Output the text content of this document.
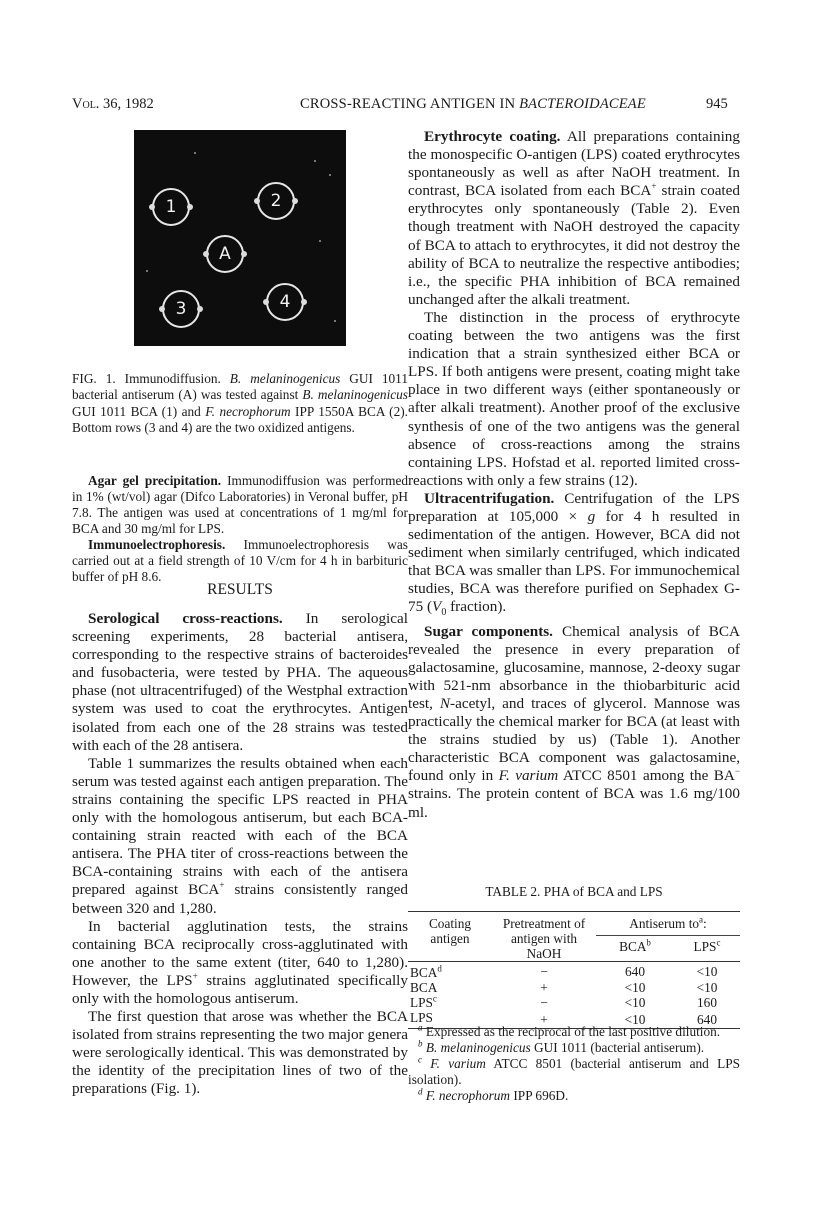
Vol. 36, 1982	CROSS-REACTING ANTIGEN IN BACTEROIDACEAE	945
1	2
A
3	4
FIG. 1. Immunodiffusion. B. melaninogenicus GUI 1011 bacterial antiserum (A) was tested against B. melaninogenicus GUI 1011 BCA (1) and F. necrophorum IPP 1550A BCA (2). Bottom rows (3 and 4) are the two oxidized antigens.

Agar gel precipitation. Immunodiffusion was performed in 1% (wt/vol) agar (Difco Laboratories) in Veronal buffer, pH 7.8. The antigen was used at concentrations of 1 mg/ml for BCA and 30 mg/ml for LPS.

Immunoelectrophoresis. Immunoelectrophoresis was carried out at a field strength of 10 V/cm for 4 h in barbituric buffer of pH 8.6.

RESULTS

Serological cross-reactions. In serological screening experiments, 28 bacterial antisera, corresponding to the respective strains of bacteroides and fusobacteria, were tested by PHA. The aqueous phase (not ultracentrifuged) of the Westphal extraction system was used to coat the erythrocytes. Antigen isolated from each one of the 28 strains was tested with each of the 28 antisera.

Table 1 summarizes the results obtained when each serum was tested against each antigen preparation. The strains containing the specific LPS reacted in PHA only with the homologous antiserum, but each BCA-containing strain reacted with each of the BCA antisera. The PHA titer of cross-reactions between the BCA-containing strains with each of the antisera prepared against BCA+ strains consistently ranged between 320 and 1,280.

In bacterial agglutination tests, the strains containing BCA reciprocally cross-agglutinated with one another to the same extent (titer, 640 to 1,280). However, the LPS+ strains agglutinated specifically only with the homologous antiserum.

The first question that arose was whether the BCA isolated from strains representing the two major genera were serologically identical. This was demonstrated by the identity of the precipitation lines of two of the preparations (Fig. 1).

Erythrocyte coating. All preparations containing the monospecific O-antigen (LPS) coated erythrocytes spontaneously as well as after NaOH treatment. In contrast, BCA isolated from each BCA+ strain coated erythrocytes only spontaneously (Table 2). Even though treatment with NaOH destroyed the capacity of BCA to attach to erythrocytes, it did not destroy the ability of BCA to neutralize the respective antibodies; i.e., the specific PHA inhibition of BCA remained unchanged after the alkali treatment.

The distinction in the process of erythrocyte coating between the two antigens was the first indication that a strain synthesized either BCA or LPS. If both antigens were present, coating might take place in two different ways (either spontaneously or after alkali treatment). Another proof of the exclusive synthesis of one of the two antigens was the general absence of cross-reactions among the strains containing LPS. Hofstad et al. reported limited cross-reactions with only a few strains (12).

Ultracentrifugation. Centrifugation of the LPS preparation at 105,000 × g for 4 h resulted in sedimentation of the antigen. However, BCA did not sediment when similarly centrifuged, which indicated that BCA was smaller than LPS. For immunochemical studies, BCA was therefore purified on Sephadex G-75 ($V_0$ fraction).

Sugar components. Chemical analysis of BCA revealed the presence in every preparation of galactosamine, glucosamine, mannose, 2-deoxy sugar with 521-nm absorbance in the thiobarbituric acid test, N-acetyl, and traces of glycerol. Mannose was practically the chemical marker for BCA (at least with the strains studied by us) (Table 1). Another characteristic BCA component was galactosamine, found only in F. varium ATCC 8501 among the BA− strains. The protein content of BCA was 1.6 mg/100 ml.

TABLE 2. PHA of BCA and LPS
Coating antigen	Pretreatment of antigen with NaOH	Antiserum $to^a$:	
		BCA$^b$	LPS$^c$
$BCA^d$	−	640	<10
BCA	+	<10	<10
$LPS^c$	−	<10	160
LPS	+	<10	640

$^a$ Expressed as the reciprocal of the last positive dilution.

$^b$ B. melaninogenicus GUI 1011 (bacterial antiserum).

$^c$ F. varium ATCC 8501 (bacterial antiserum and LPS isolation).

$^d$ F. necrophorum IPP 696D.
